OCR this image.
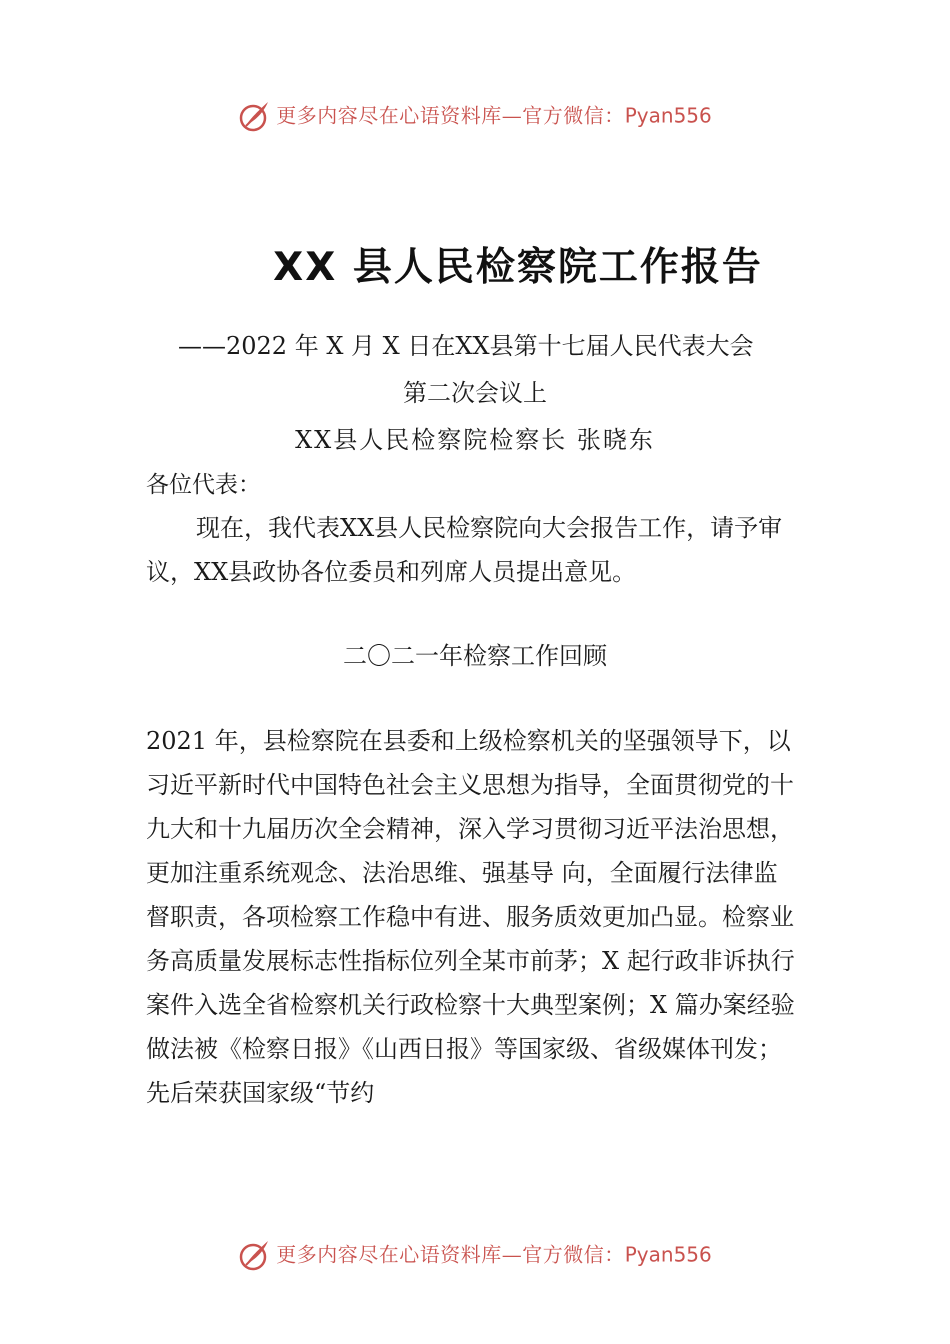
更多内容尽在心语资料库—官方微信：Pyan556
XX 县人民检察院工作报告
——2022 年 X 月 X 日在XX县第十七届人民代表大会
第二次会议上
XX县人民检察院检察长 张晓东
各位代表：
现在，我代表XX县人民检察院向大会报告工作，请予审议，XX县政协各位委员和列席人员提出意见。
二〇二一年检察工作回顾
2021 年，县检察院在县委和上级检察机关的坚强领导下，以习近平新时代中国特色社会主义思想为指导，全面贯彻党的十九大和十九届历次全会精神，深入学习贯彻习近平法治思想，更加注重系统观念、法治思维、强基导 向，全面履行法律监督职责，各项检察工作稳中有进、服务质效更加凸显。检察业务高质量发展标志性指标位列全某市前茅；X 起行政非诉执行案件入选全省检察机关行政检察十大典型案例；X 篇办案经验做法被《检察日报》《山西日报》等国家级、省级媒体刊发；先后荣获国家级“节约
更多内容尽在心语资料库—官方微信：Pyan556
